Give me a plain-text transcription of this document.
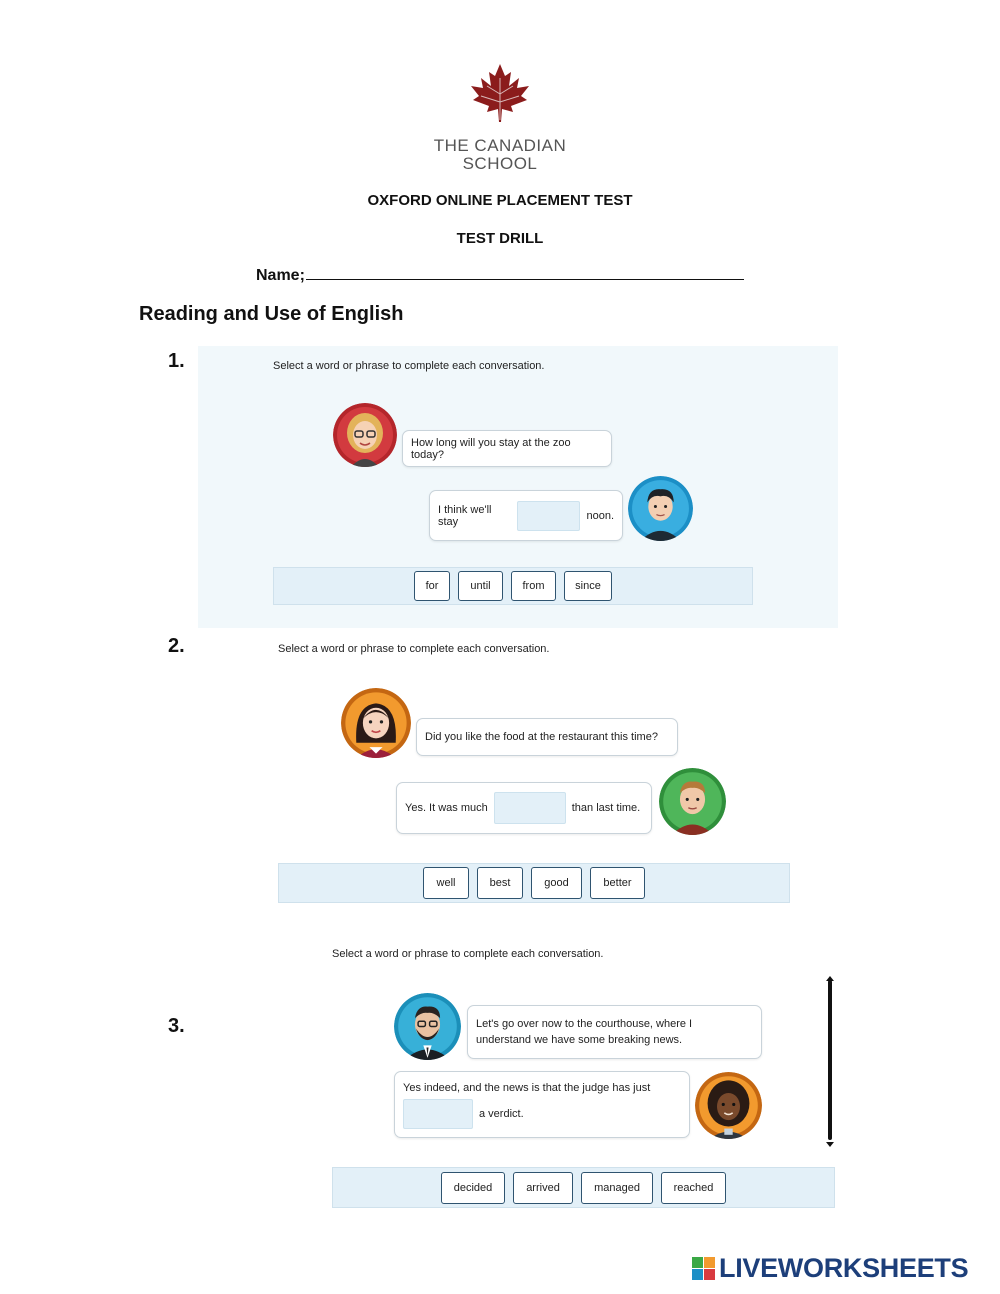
THE CANADIAN
SCHOOL
OXFORD ONLINE PLACEMENT TEST
TEST DRILL
Name;
Reading and Use of English
1.	Select a word or phrase to complete each conversation.
How long will you stay at the zoo today?
I think we'll stay	noon.
for	until	from	since
2.	Select a word or phrase to complete each conversation.
Did you like the food at the restaurant this time?
Yes. It was much	than last time.
well	best	good	better
Select a word or phrase to complete each conversation.
3.	Let's go over now to the courthouse, where I
understand we have some breaking news.
Yes indeed, and the news is that the judge has just
a verdict.
decided	arrived	managed	reached
LIVEWORKSHEETS
